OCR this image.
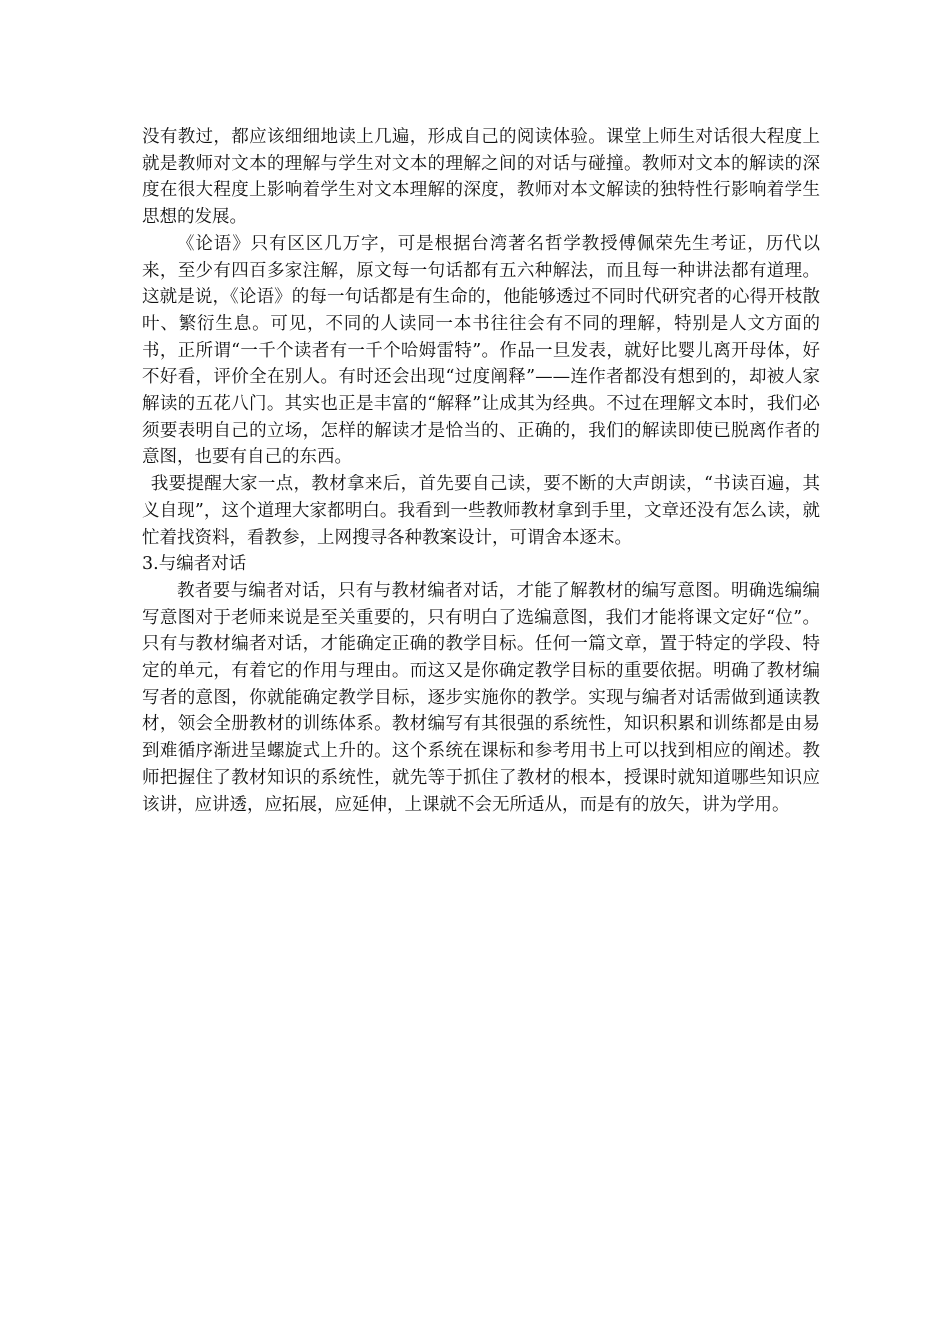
没有教过，都应该细细地读上几遍，形成自己的阅读体验。课堂上师生对话很大程度上就是教师对文本的理解与学生对文本的理解之间的对话与碰撞。教师对文本的解读的深度在很大程度上影响着学生对文本理解的深度，教师对本文解读的独特性行影响着学生思想的发展。

《论语》只有区区几万字，可是根据台湾著名哲学教授傅佩荣先生考证，历代以来，至少有四百多家注解，原文每一句话都有五六种解法，而且每一种讲法都有道理。这就是说，《论语》的每一句话都是有生命的，他能够透过不同时代研究者的心得开枝散叶、繁衍生息。可见，不同的人读同一本书往往会有不同的理解，特别是人文方面的书，正所谓“一千个读者有一千个哈姆雷特”。作品一旦发表，就好比婴儿离开母体，好不好看，评价全在别人。有时还会出现“过度阐释”——连作者都没有想到的，却被人家解读的五花八门。其实也正是丰富的“解释”让成其为经典。不过在理解文本时，我们必须要表明自己的立场，怎样的解读才是恰当的、正确的，我们的解读即使已脱离作者的意图，也要有自己的东西。

我要提醒大家一点，教材拿来后，首先要自己读，要不断的大声朗读，“书读百遍，其义自现”，这个道理大家都明白。我看到一些教师教材拿到手里，文章还没有怎么读，就忙着找资料，看教参，上网搜寻各种教案设计，可谓舍本逐末。

3.与编者对话

教者要与编者对话，只有与教材编者对话，才能了解教材的编写意图。明确选编编写意图对于老师来说是至关重要的，只有明白了选编意图，我们才能将课文定好“位”。只有与教材编者对话，才能确定正确的教学目标。任何一篇文章，置于特定的学段、特定的单元，有着它的作用与理由。而这又是你确定教学目标的重要依据。明确了教材编写者的意图，你就能确定教学目标，逐步实施你的教学。实现与编者对话需做到通读教材，领会全册教材的训练体系。教材编写有其很强的系统性，知识积累和训练都是由易到难循序渐进呈螺旋式上升的。这个系统在课标和参考用书上可以找到相应的阐述。教师把握住了教材知识的系统性，就先等于抓住了教材的根本，授课时就知道哪些知识应该讲，应讲透，应拓展，应延伸，上课就不会无所适从，而是有的放矢，讲为学用。
